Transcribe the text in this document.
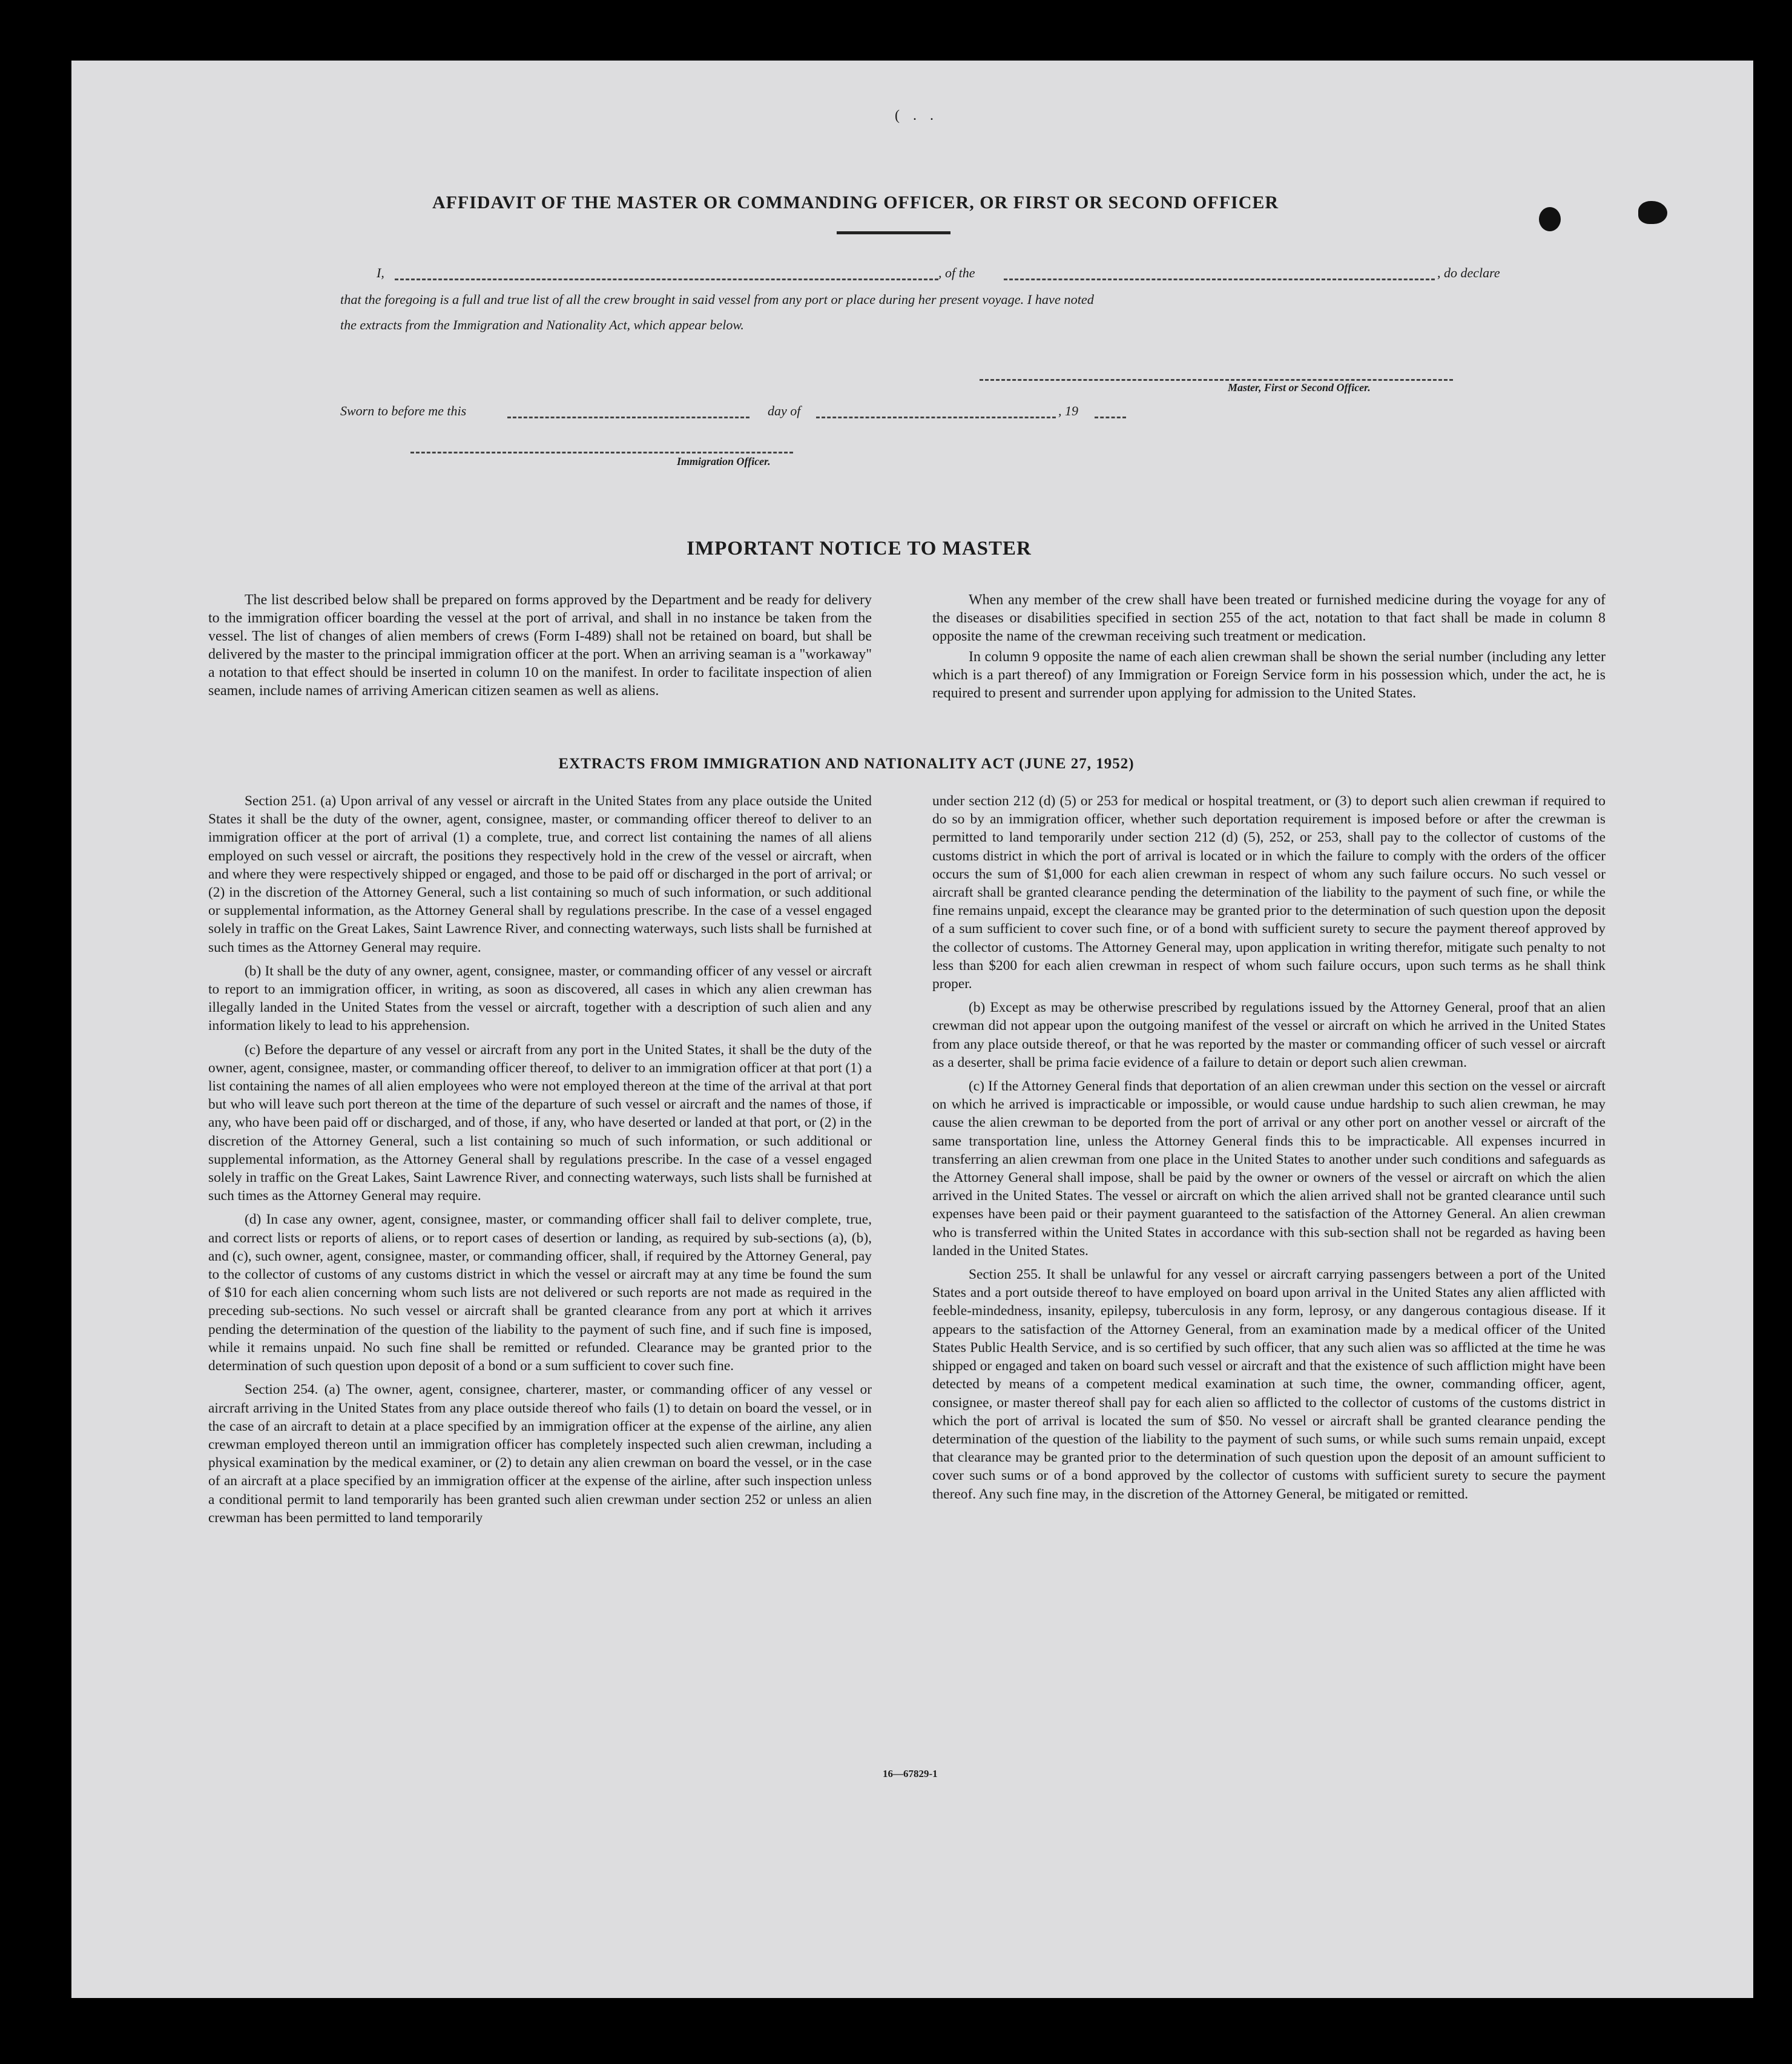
( . .
AFFIDAVIT OF THE MASTER OR COMMANDING OFFICER, OR FIRST OR SECOND OFFICER
I,	, of the	, do declare
that the foregoing is a full and true list of all the crew brought in said vessel from any port or place during her present voyage. I have noted
the extracts from the Immigration and Nationality Act, which appear below.
Master, First or Second Officer.
Sworn to before me this	day of	, 19
Immigration Officer.
IMPORTANT NOTICE TO MASTER

The list described below shall be prepared on forms approved by the Department and be ready for delivery to the immigration officer boarding the vessel at the port of arrival, and shall in no instance be taken from the vessel. The list of changes of alien members of crews (Form I-489) shall not be retained on board, but shall be delivered by the master to the principal immigration officer at the port. When an arriving seaman is a "workaway" a notation to that effect should be inserted in column 10 on the manifest. In order to facilitate inspection of alien seamen, include names of arriving American citizen seamen as well as aliens.

When any member of the crew shall have been treated or furnished medicine during the voyage for any of the diseases or disabilities specified in section 255 of the act, notation to that fact shall be made in column 8 opposite the name of the crewman receiving such treatment or medication.

In column 9 opposite the name of each alien crewman shall be shown the serial number (including any letter which is a part thereof) of any Immigration or Foreign Service form in his possession which, under the act, he is required to present and surrender upon applying for admission to the United States.

EXTRACTS FROM IMMIGRATION AND NATIONALITY ACT (JUNE 27, 1952)

Section 251. (a) Upon arrival of any vessel or aircraft in the United States from any place outside the United States it shall be the duty of the owner, agent, consignee, master, or commanding officer thereof to deliver to an immigration officer at the port of arrival (1) a complete, true, and correct list containing the names of all aliens employed on such vessel or aircraft, the positions they respectively hold in the crew of the vessel or aircraft, when and where they were respectively shipped or engaged, and those to be paid off or discharged in the port of arrival; or (2) in the discretion of the Attorney General, such a list containing so much of such information, or such additional or supplemental information, as the Attorney General shall by regulations prescribe. In the case of a vessel engaged solely in traffic on the Great Lakes, Saint Lawrence River, and connecting waterways, such lists shall be furnished at such times as the Attorney General may require.

(b) It shall be the duty of any owner, agent, consignee, master, or commanding officer of any vessel or aircraft to report to an immigration officer, in writing, as soon as discovered, all cases in which any alien crewman has illegally landed in the United States from the vessel or aircraft, together with a description of such alien and any information likely to lead to his apprehension.

(c) Before the departure of any vessel or aircraft from any port in the United States, it shall be the duty of the owner, agent, consignee, master, or commanding officer thereof, to deliver to an immigration officer at that port (1) a list containing the names of all alien employees who were not employed thereon at the time of the arrival at that port but who will leave such port thereon at the time of the departure of such vessel or aircraft and the names of those, if any, who have been paid off or discharged, and of those, if any, who have deserted or landed at that port, or (2) in the discretion of the Attorney General, such a list containing so much of such information, or such additional or supplemental information, as the Attorney General shall by regulations prescribe. In the case of a vessel engaged solely in traffic on the Great Lakes, Saint Lawrence River, and connecting waterways, such lists shall be furnished at such times as the Attorney General may require.

(d) In case any owner, agent, consignee, master, or commanding officer shall fail to deliver complete, true, and correct lists or reports of aliens, or to report cases of desertion or landing, as required by sub-sections (a), (b), and (c), such owner, agent, consignee, master, or commanding officer, shall, if required by the Attorney General, pay to the collector of customs of any customs district in which the vessel or aircraft may at any time be found the sum of $10 for each alien concerning whom such lists are not delivered or such reports are not made as required in the preceding sub-sections. No such vessel or aircraft shall be granted clearance from any port at which it arrives pending the determination of the question of the liability to the payment of such fine, and if such fine is imposed, while it remains unpaid. No such fine shall be remitted or refunded. Clearance may be granted prior to the determination of such question upon deposit of a bond or a sum sufficient to cover such fine.

Section 254. (a) The owner, agent, consignee, charterer, master, or commanding officer of any vessel or aircraft arriving in the United States from any place outside thereof who fails (1) to detain on board the vessel, or in the case of an aircraft to detain at a place specified by an immigration officer at the expense of the airline, any alien crewman employed thereon until an immigration officer has completely inspected such alien crewman, including a physical examination by the medical examiner, or (2) to detain any alien crewman on board the vessel, or in the case of an aircraft at a place specified by an immigration officer at the expense of the airline, after such inspection unless a conditional permit to land temporarily has been granted such alien crewman under section 252 or unless an alien crewman has been permitted to land temporarily

under section 212 (d) (5) or 253 for medical or hospital treatment, or (3) to deport such alien crewman if required to do so by an immigration officer, whether such deportation requirement is imposed before or after the crewman is permitted to land temporarily under section 212 (d) (5), 252, or 253, shall pay to the collector of customs of the customs district in which the port of arrival is located or in which the failure to comply with the orders of the officer occurs the sum of $1,000 for each alien crewman in respect of whom any such failure occurs. No such vessel or aircraft shall be granted clearance pending the determination of the liability to the payment of such fine, or while the fine remains unpaid, except the clearance may be granted prior to the determination of such question upon the deposit of a sum sufficient to cover such fine, or of a bond with sufficient surety to secure the payment thereof approved by the collector of customs. The Attorney General may, upon application in writing therefor, mitigate such penalty to not less than $200 for each alien crewman in respect of whom such failure occurs, upon such terms as he shall think proper.

(b) Except as may be otherwise prescribed by regulations issued by the Attorney General, proof that an alien crewman did not appear upon the outgoing manifest of the vessel or aircraft on which he arrived in the United States from any place outside thereof, or that he was reported by the master or commanding officer of such vessel or aircraft as a deserter, shall be prima facie evidence of a failure to detain or deport such alien crewman.

(c) If the Attorney General finds that deportation of an alien crewman under this section on the vessel or aircraft on which he arrived is impracticable or impossible, or would cause undue hardship to such alien crewman, he may cause the alien crewman to be deported from the port of arrival or any other port on another vessel or aircraft of the same transportation line, unless the Attorney General finds this to be impracticable. All expenses incurred in transferring an alien crewman from one place in the United States to another under such conditions and safeguards as the Attorney General shall impose, shall be paid by the owner or owners of the vessel or aircraft on which the alien arrived in the United States. The vessel or aircraft on which the alien arrived shall not be granted clearance until such expenses have been paid or their payment guaranteed to the satisfaction of the Attorney General. An alien crewman who is transferred within the United States in accordance with this sub-section shall not be regarded as having been landed in the United States.

Section 255. It shall be unlawful for any vessel or aircraft carrying passengers between a port of the United States and a port outside thereof to have employed on board upon arrival in the United States any alien afflicted with feeble-mindedness, insanity, epilepsy, tuberculosis in any form, leprosy, or any dangerous contagious disease. If it appears to the satisfaction of the Attorney General, from an examination made by a medical officer of the United States Public Health Service, and is so certified by such officer, that any such alien was so afflicted at the time he was shipped or engaged and taken on board such vessel or aircraft and that the existence of such affliction might have been detected by means of a competent medical examination at such time, the owner, commanding officer, agent, consignee, or master thereof shall pay for each alien so afflicted to the collector of customs of the customs district in which the port of arrival is located the sum of $50. No vessel or aircraft shall be granted clearance pending the determination of the question of the liability to the payment of such sums, or while such sums remain unpaid, except that clearance may be granted prior to the determination of such question upon the deposit of an amount sufficient to cover such sums or of a bond approved by the collector of customs with sufficient surety to secure the payment thereof. Any such fine may, in the discretion of the Attorney General, be mitigated or remitted.

16—67829-1
